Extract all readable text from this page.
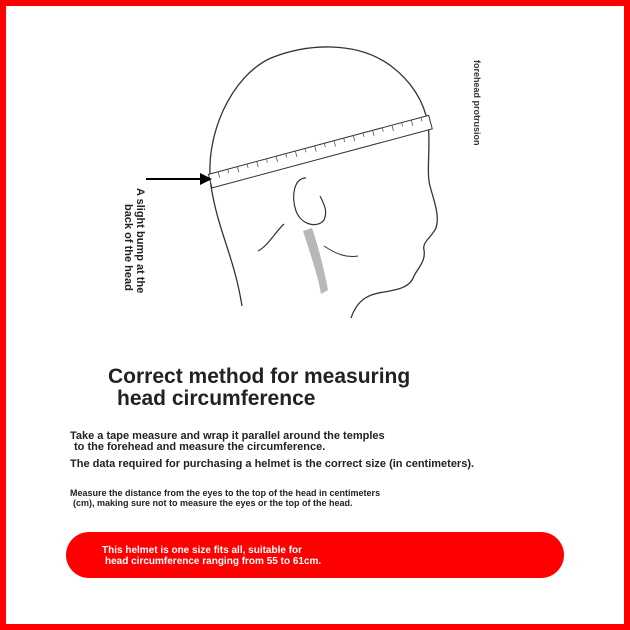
A slight bump at the
back of the head
forehead protrusion
Correct method for measuring
head circumference
Take a tape measure and wrap it parallel around the temples
to the forehead and measure the circumference.
The data required for purchasing a helmet is the correct size (in centimeters).
Measure the distance from the eyes to the top of the head in centimeters
(cm), making sure not to measure the eyes or the top of the head.
This helmet is one size fits all, suitable for
head circumference ranging from 55 to 61cm.
